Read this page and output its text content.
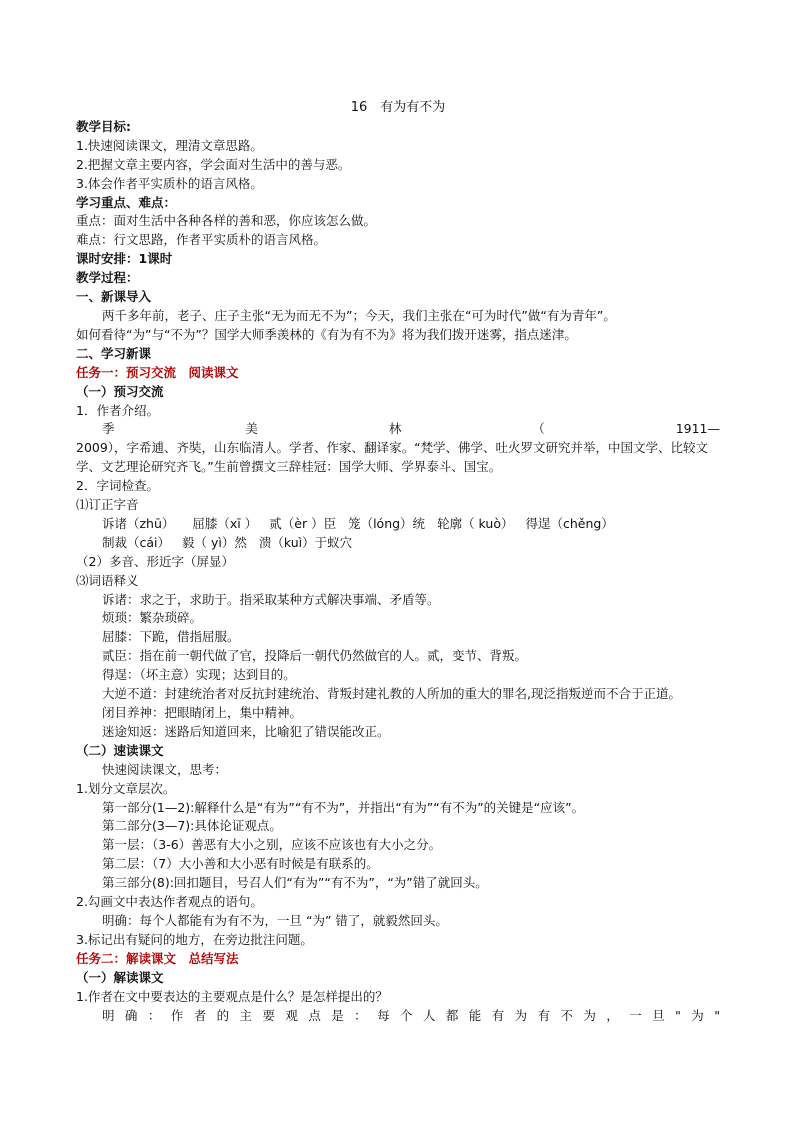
16　有为有不为

教学目标:

1.快速阅读课文，理清文章思路。

2.把握文章主要内容，学会面对生活中的善与恶。

3.体会作者平实质朴的语言风格。

学习重点、难点：

重点：面对生活中各种各样的善和恶，你应该怎么做。

难点：行文思路，作者平实质朴的语言风格。

课时安排：1课时

教学过程：

一、新课导入

两千多年前，老子、庄子主张“无为而无不为”；今天，我们主张在“可为时代”做“有为青年”。

如何看待“为”与“不为”？国学大师季羡林的《有为有不为》将为我们拨开迷雾，指点迷津。

二、学习新课

任务一：预习交流　阅读课文

（一）预习交流

1．作者介绍。

季	美	林	（	1911—

2009），字希逋、齐奘，山东临清人。学者、作家、翻译家。“梵学、佛学、吐火罗文研究并举，中国文学、比较文学、文艺理论研究齐飞。”生前曾撰文三辞桂冠：国学大师、学界泰斗、国宝。

2．字词检查。

⑴订正字音

诉诸（zhū） 屈膝（xī ） 贰（èr ）臣 笼（lóng）统 轮廓（ kuò） 得逞（chěng）

制裁（cái） 毅（ yì）然 溃（kuì）于蚁穴

（2）多音、形近字（屏显）

⑶词语释义

诉诸：求之于，求助于。指采取某种方式解决事端、矛盾等。

烦琐：繁杂琐碎。

屈膝：下跪，借指屈服。

贰臣：指在前一朝代做了官，投降后一朝代仍然做官的人。贰，变节、背叛。

得逞：（坏主意）实现；达到目的。

大逆不道：封建统治者对反抗封建统治、背叛封建礼教的人所加的重大的罪名,现泛指叛逆而不合于正道。

闭目养神：把眼睛闭上，集中精神。

迷途知返：迷路后知道回来，比喻犯了错误能改正。

（二）速读课文

快速阅读课文，思考：

1.划分文章层次。

第一部分(1—2):解释什么是“有为”“有不为”，并指出“有为”“有不为”的关键是“应该”。

第二部分(3—7):具体论证观点。

第一层：（3-6）善恶有大小之别，应该不应该也有大小之分。

第二层：（7）大小善和大小恶有时候是有联系的。

第三部分(8):回扣题目，号召人们“有为”“有不为”，“为”错了就回头。

2.勾画文中表达作者观点的语句。

明确：每个人都能有为有不为，一旦 “为” 错了，就毅然回头。

3.标记出有疑问的地方，在旁边批注问题。

任务二：解读课文　总结写法

（一）解读课文

1.作者在文中要表达的主要观点是什么？是怎样提出的？

明确：作者的主要观点是：每个人都能有为有不为，一旦"为"
